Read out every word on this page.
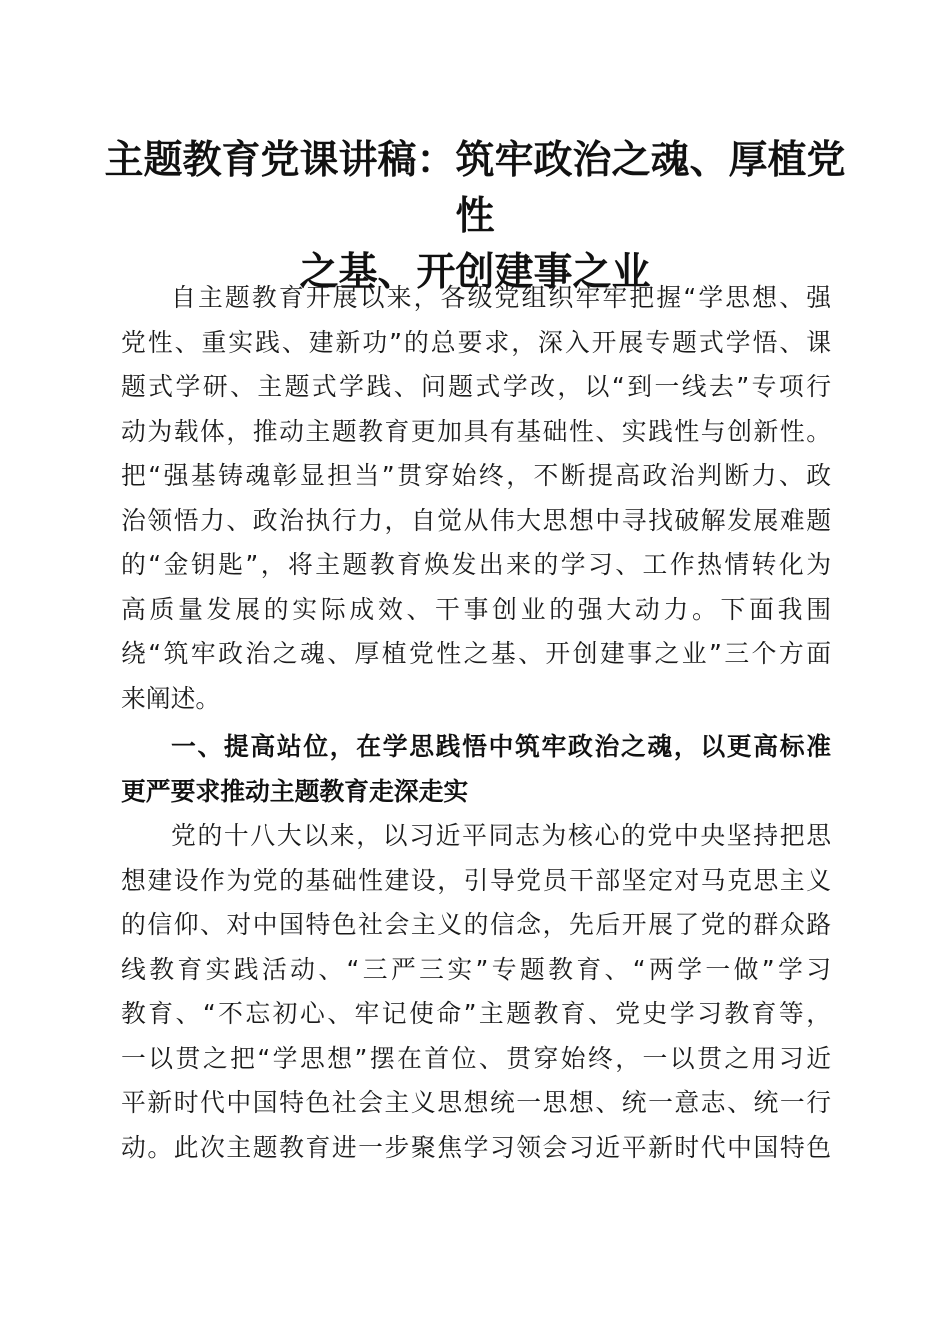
主题教育党课讲稿：筑牢政治之魂、厚植党性
之基、开创建事之业
自主题教育开展以来，各级党组织牢牢把握“学思想、强
党性、重实践、建新功”的总要求，深入开展专题式学悟、课
题式学研、主题式学践、问题式学改，以“到一线去”专项行
动为载体，推动主题教育更加具有基础性、实践性与创新性。
把“强基铸魂彰显担当”贯穿始终，不断提高政治判断力、政
治领悟力、政治执行力，自觉从伟大思想中寻找破解发展难题
的“金钥匙”，将主题教育焕发出来的学习、工作热情转化为
高质量发展的实际成效、干事创业的强大动力。下面我围
绕“筑牢政治之魂、厚植党性之基、开创建事之业”三个方面
来阐述。
一、提高站位，在学思践悟中筑牢政治之魂，以更高标准
更严要求推动主题教育走深走实
党的十八大以来，以习近平同志为核心的党中央坚持把思
想建设作为党的基础性建设，引导党员干部坚定对马克思主义
的信仰、对中国特色社会主义的信念，先后开展了党的群众路
线教育实践活动、“三严三实”专题教育、“两学一做”学习
教育、“不忘初心、牢记使命”主题教育、党史学习教育等，
一以贯之把“学思想”摆在首位、贯穿始终，一以贯之用习近
平新时代中国特色社会主义思想统一思想、统一意志、统一行
动。此次主题教育进一步聚焦学习领会习近平新时代中国特色
